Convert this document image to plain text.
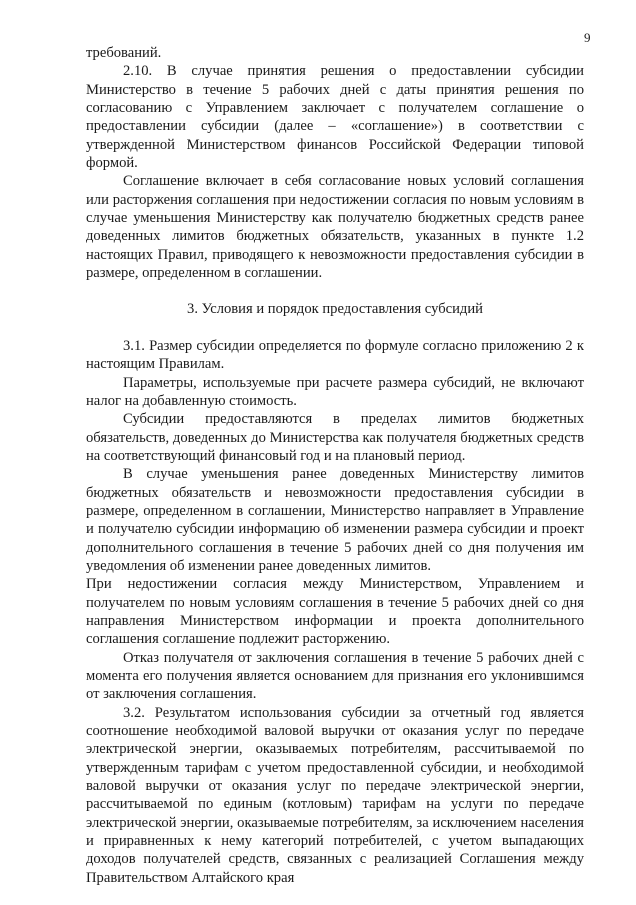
9

требований.

2.10. В случае принятия решения о предоставлении субсидии Министерство в течение 5 рабочих дней с даты принятия решения по согласованию с Управлением заключает с получателем соглашение о предоставлении субсидии (далее – «соглашение») в соответствии с утвержденной Министерством финансов Российской Федерации типовой формой.

Соглашение включает в себя согласование новых условий соглашения или расторжения соглашения при недостижении согласия по новым условиям в случае уменьшения Министерству как получателю бюджетных средств ранее доведенных лимитов бюджетных обязательств, указанных в пункте 1.2 настоящих Правил, приводящего к невозможности предоставления субсидии в размере, определенном в соглашении.

3. Условия и порядок предоставления субсидий

3.1. Размер субсидии определяется по формуле согласно приложению 2 к настоящим Правилам.

Параметры, используемые при расчете размера субсидий, не включают налог на добавленную стоимость.

Субсидии предоставляются в пределах лимитов бюджетных обязательств, доведенных до Министерства как получателя бюджетных средств на соответствующий финансовый год и на плановый период.

В случае уменьшения ранее доведенных Министерству лимитов бюджетных обязательств и невозможности предоставления субсидии в размере, определенном в соглашении, Министерство направляет в Управление и получателю субсидии информацию об изменении размера субсидии и проект дополнительного соглашения в течение 5 рабочих дней со дня получения им уведомления об изменении ранее доведенных лимитов.

При недостижении согласия между Министерством, Управлением и получателем по новым условиям соглашения в течение 5 рабочих дней со дня направления Министерством информации и проекта дополнительного соглашения соглашение подлежит расторжению.

Отказ получателя от заключения соглашения в течение 5 рабочих дней с момента его получения является основанием для признания его уклонившимся от заключения соглашения.

3.2. Результатом использования субсидии за отчетный год является соотношение необходимой валовой выручки от оказания услуг по передаче электрической энергии, оказываемых потребителям, рассчитываемой по утвержденным тарифам с учетом предоставленной субсидии, и необходимой валовой выручки от оказания услуг по передаче электрической энергии, рассчитываемой по единым (котловым) тарифам на услуги по передаче электрической энергии, оказываемые потребителям, за исключением населения и приравненных к нему категорий потребителей, с учетом выпадающих доходов получателей средств, связанных с реализацией Соглашения между Правительством Алтайского края
